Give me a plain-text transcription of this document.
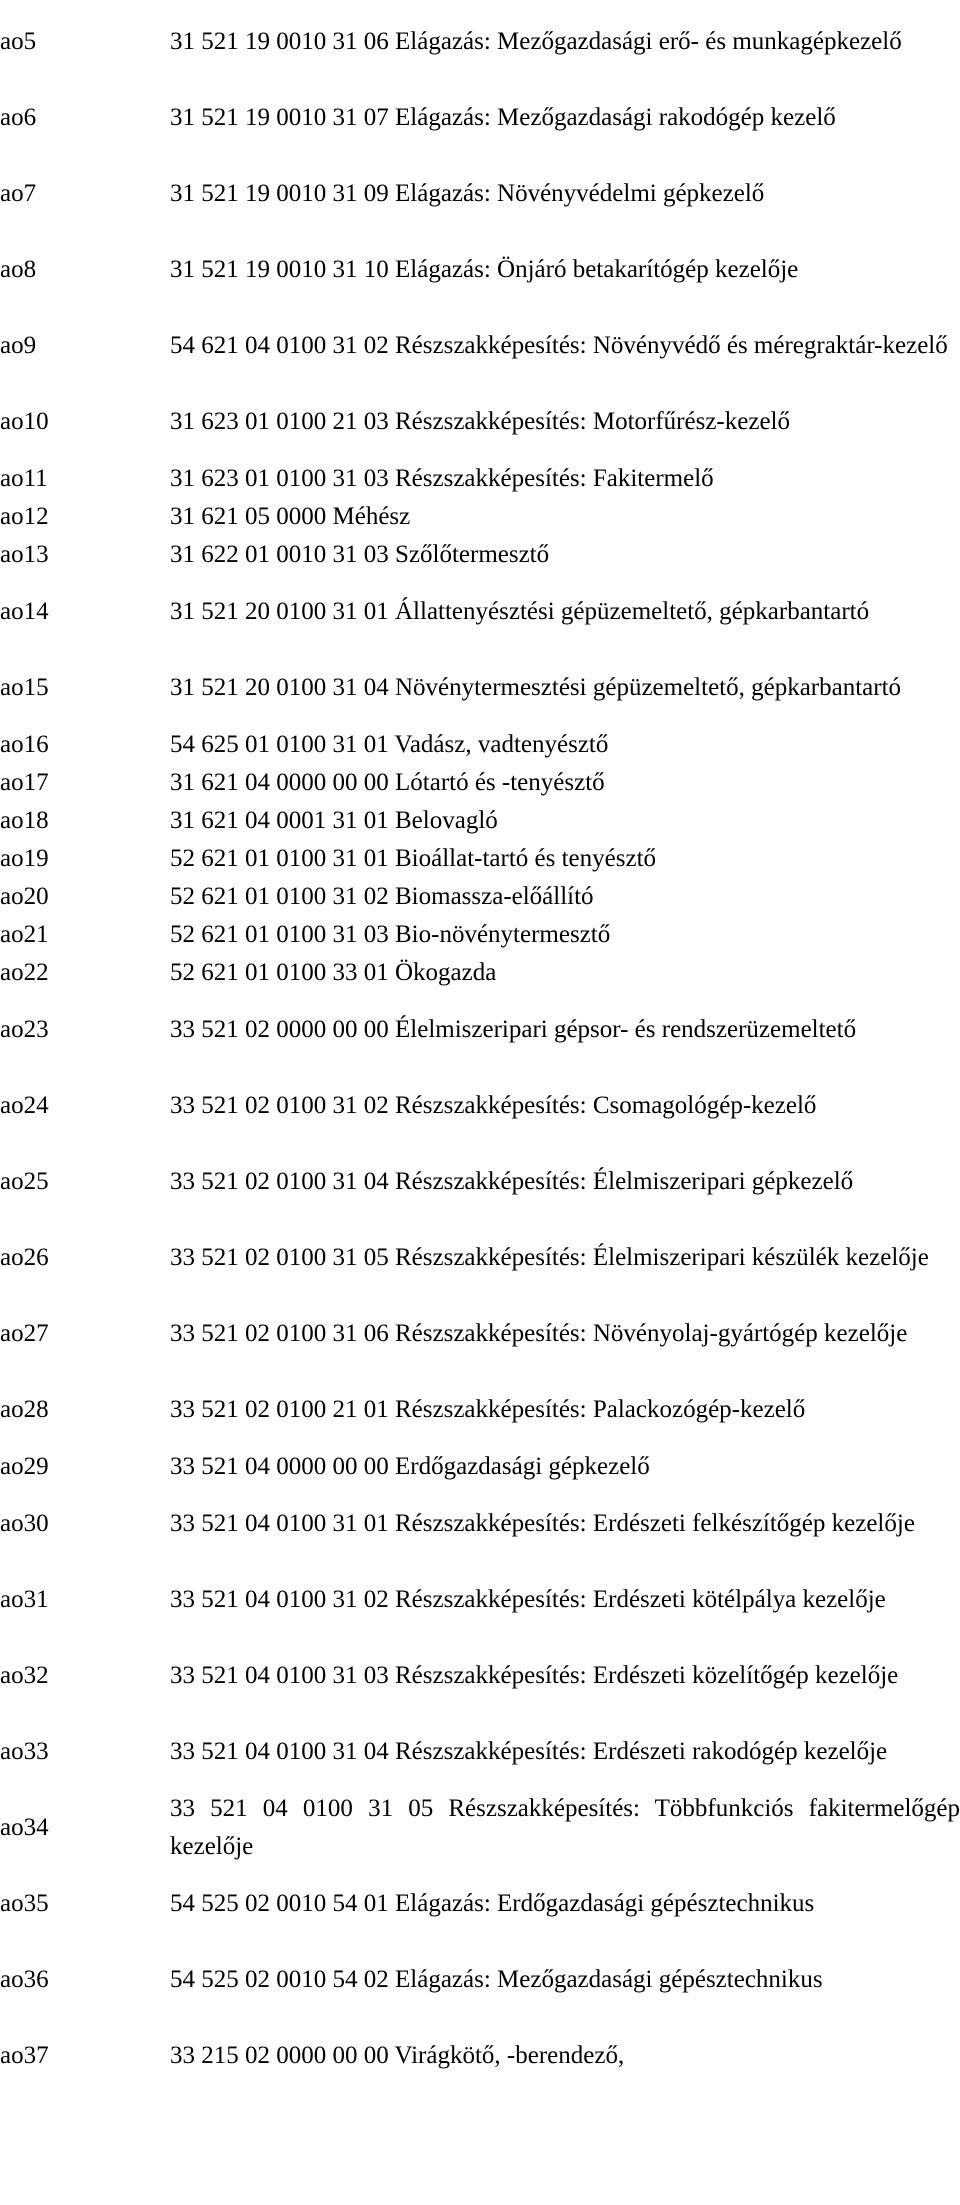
ao5	31 521 19 0010 31 06 Elágazás: Mezőgazdasági erő- és munkagépkezelő
ao6	31 521 19 0010 31 07 Elágazás: Mezőgazdasági rakodógép kezelő
ao7	31 521 19 0010 31 09 Elágazás: Növényvédelmi gépkezelő
ao8	31 521 19 0010 31 10 Elágazás: Önjáró betakarítógép kezelője
ao9	54 621 04 0100 31 02 Részszakképesítés: Növényvédő és méregraktár-kezelő
ao10	31 623 01 0100 21 03 Részszakképesítés: Motorfűrész-kezelő
ao11	31 623 01 0100 31 03 Részszakképesítés: Fakitermelő
ao12	31 621 05 0000 Méhész
ao13	31 622 01 0010 31 03 Szőlőtermesztő
ao14	31 521 20 0100 31 01 Állattenyésztési gépüzemeltető, gépkarbantartó
ao15	31 521 20 0100 31 04 Növénytermesztési gépüzemeltető, gépkarbantartó
ao16	54 625 01 0100 31 01 Vadász, vadtenyésztő
ao17	31 621 04 0000 00 00 Lótartó és -tenyésztő
ao18	31 621 04 0001 31 01 Belovagló
ao19	52 621 01 0100 31 01 Bioállat-tartó és tenyésztő
ao20	52 621 01 0100 31 02 Biomassza-előállító
ao21	52 621 01 0100 31 03 Bio-növénytermesztő
ao22	52 621 01 0100 33 01 Ökogazda
ao23	33 521 02 0000 00 00 Élelmiszeripari gépsor- és rendszerüzemeltető
ao24	33 521 02 0100 31 02 Részszakképesítés: Csomagológép-kezelő
ao25	33 521 02 0100 31 04 Részszakképesítés: Élelmiszeripari gépkezelő
ao26	33 521 02 0100 31 05 Részszakképesítés: Élelmiszeripari készülék kezelője
ao27	33 521 02 0100 31 06 Részszakképesítés: Növényolaj-gyártógép kezelője
ao28	33 521 02 0100 21 01 Részszakképesítés: Palackozógép-kezelő
ao29	33 521 04 0000 00 00 Erdőgazdasági gépkezelő
ao30	33 521 04 0100 31 01 Részszakképesítés: Erdészeti felkészítőgép kezelője
ao31	33 521 04 0100 31 02 Részszakképesítés: Erdészeti kötélpálya kezelője
ao32	33 521 04 0100 31 03 Részszakképesítés: Erdészeti közelítőgép kezelője
ao33	33 521 04 0100 31 04 Részszakképesítés: Erdészeti rakodógép kezelője
ao34	33 521 04 0100 31 05 Részszakképesítés: Többfunkciós fakitermelőgép kezelője
ao35	54 525 02 0010 54 01 Elágazás: Erdőgazdasági gépésztechnikus
ao36	54 525 02 0010 54 02 Elágazás: Mezőgazdasági gépésztechnikus
ao37	33 215 02 0000 00 00 Virágkötő, -berendező,
